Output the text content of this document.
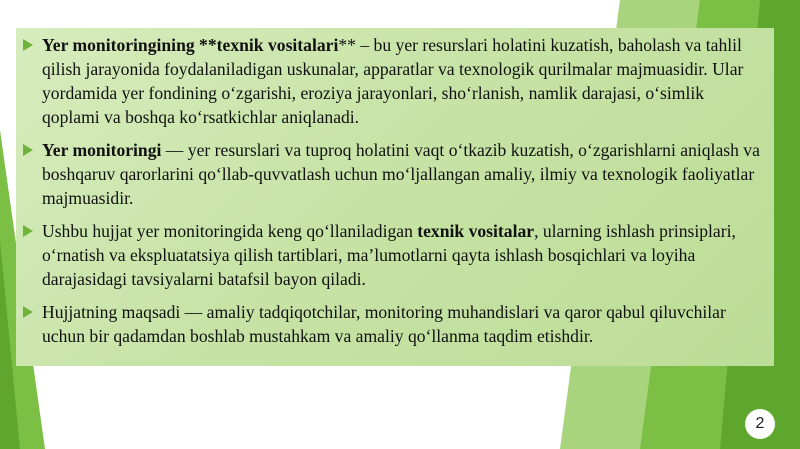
Yer monitoringining **texnik vositalari** – bu yer resurslari holatini kuzatish, baholash va tahlil qilish jarayonida foydalaniladigan uskunalar, apparatlar va texnologik qurilmalar majmuasidir. Ular yordamida yer fondining oʻzgarishi, eroziya jarayonlari, shoʻrlanish, namlik darajasi, oʻsimlik qoplami va boshqa koʻrsatkichlar aniqlanadi.
Yer monitoringi — yer resurslari va tuproq holatini vaqt oʻtkazib kuzatish, oʻzgarishlarni aniqlash va boshqaruv qarorlarini qoʻllab-quvvatlash uchun moʻljallangan amaliy, ilmiy va texnologik faoliyatlar majmuasidir.
Ushbu hujjat yer monitoringida keng qoʻllaniladigan texnik vositalar, ularning ishlash prinsiplari, oʻrnatish va ekspluatatsiya qilish tartiblari, maʼlumotlarni qayta ishlash bosqichlari va loyiha darajasidagi tavsiyalarni batafsil bayon qiladi.
Hujjatning maqsadi — amaliy tadqiqotchilar, monitoring muhandislari va qaror qabul qiluvchilar uchun bir qadamdan boshlab mustahkam va amaliy qoʻllanma taqdim etishdir.
2
